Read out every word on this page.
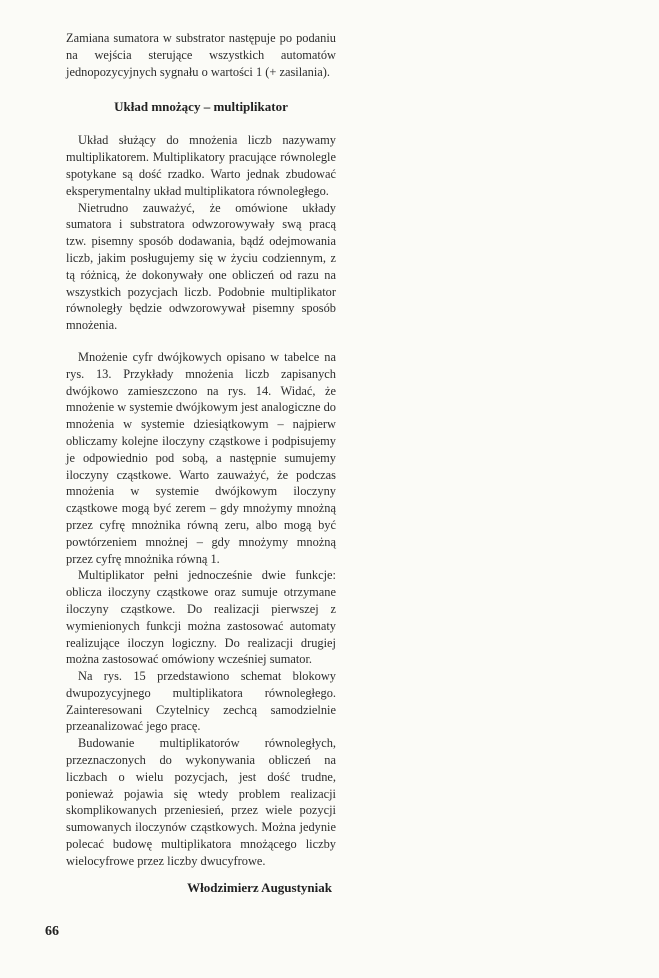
Zamiana sumatora w substrator następuje po podaniu na wejścia sterujące wszystkich automatów jednopozycyjnych sygnału o wartości 1 (+ zasilania).

Układ mnożący – multiplikator

Układ służący do mnożenia liczb nazywamy multiplikatorem. Multiplikatory pracujące równolegle spotykane są dość rzadko. Warto jednak zbudować eksperymentalny układ multiplikatora równoległego.

Nietrudno zauważyć, że omówione układy sumatora i substratora odwzorowywały swą pracą tzw. pisemny sposób dodawania, bądź odejmowania liczb, jakim posługujemy się w życiu codziennym, z tą różnicą, że dokonywały one obliczeń od razu na wszystkich pozycjach liczb. Podobnie multiplikator równoległy będzie odwzorowywał pisemny sposób mnożenia.

Mnożenie cyfr dwójkowych opisano w tabelce na rys. 13. Przykłady mnożenia liczb zapisanych dwójkowo zamieszczono na rys. 14. Widać, że mnożenie w systemie dwójkowym jest analogiczne do mnożenia w systemie dziesiątkowym – najpierw obliczamy kolejne iloczyny cząstkowe i podpisujemy je odpowiednio pod sobą, a następnie sumujemy iloczyny cząstkowe. Warto zauważyć, że podczas mnożenia w systemie dwójkowym iloczyny cząstkowe mogą być zerem – gdy mnożymy mnożną przez cyfrę mnożnika równą zeru, albo mogą być powtórzeniem mnożnej – gdy mnożymy mnożną przez cyfrę mnożnika równą 1.

Multiplikator pełni jednocześnie dwie funkcje: oblicza iloczyny cząstkowe oraz sumuje otrzymane iloczyny cząstkowe. Do realizacji pierwszej z wymienionych funkcji można zastosować automaty realizujące iloczyn logiczny. Do realizacji drugiej można zastosować omówiony wcześniej sumator.

Na rys. 15 przedstawiono schemat blokowy dwupozycyjnego multiplikatora równoległego. Zainteresowani Czytelnicy zechcą samodzielnie przeanalizować jego pracę.

Budowanie multiplikatorów równoległych, przeznaczonych do wykonywania obliczeń na liczbach o wielu pozycjach, jest dość trudne, ponieważ pojawia się wtedy problem realizacji skomplikowanych przeniesień, przez wiele pozycji sumowanych iloczynów cząstkowych. Można jedynie polecać budowę multiplikatora mnożącego liczby wielocyfrowe przez liczby dwucyfrowe.

Włodzimierz Augustyniak
66
